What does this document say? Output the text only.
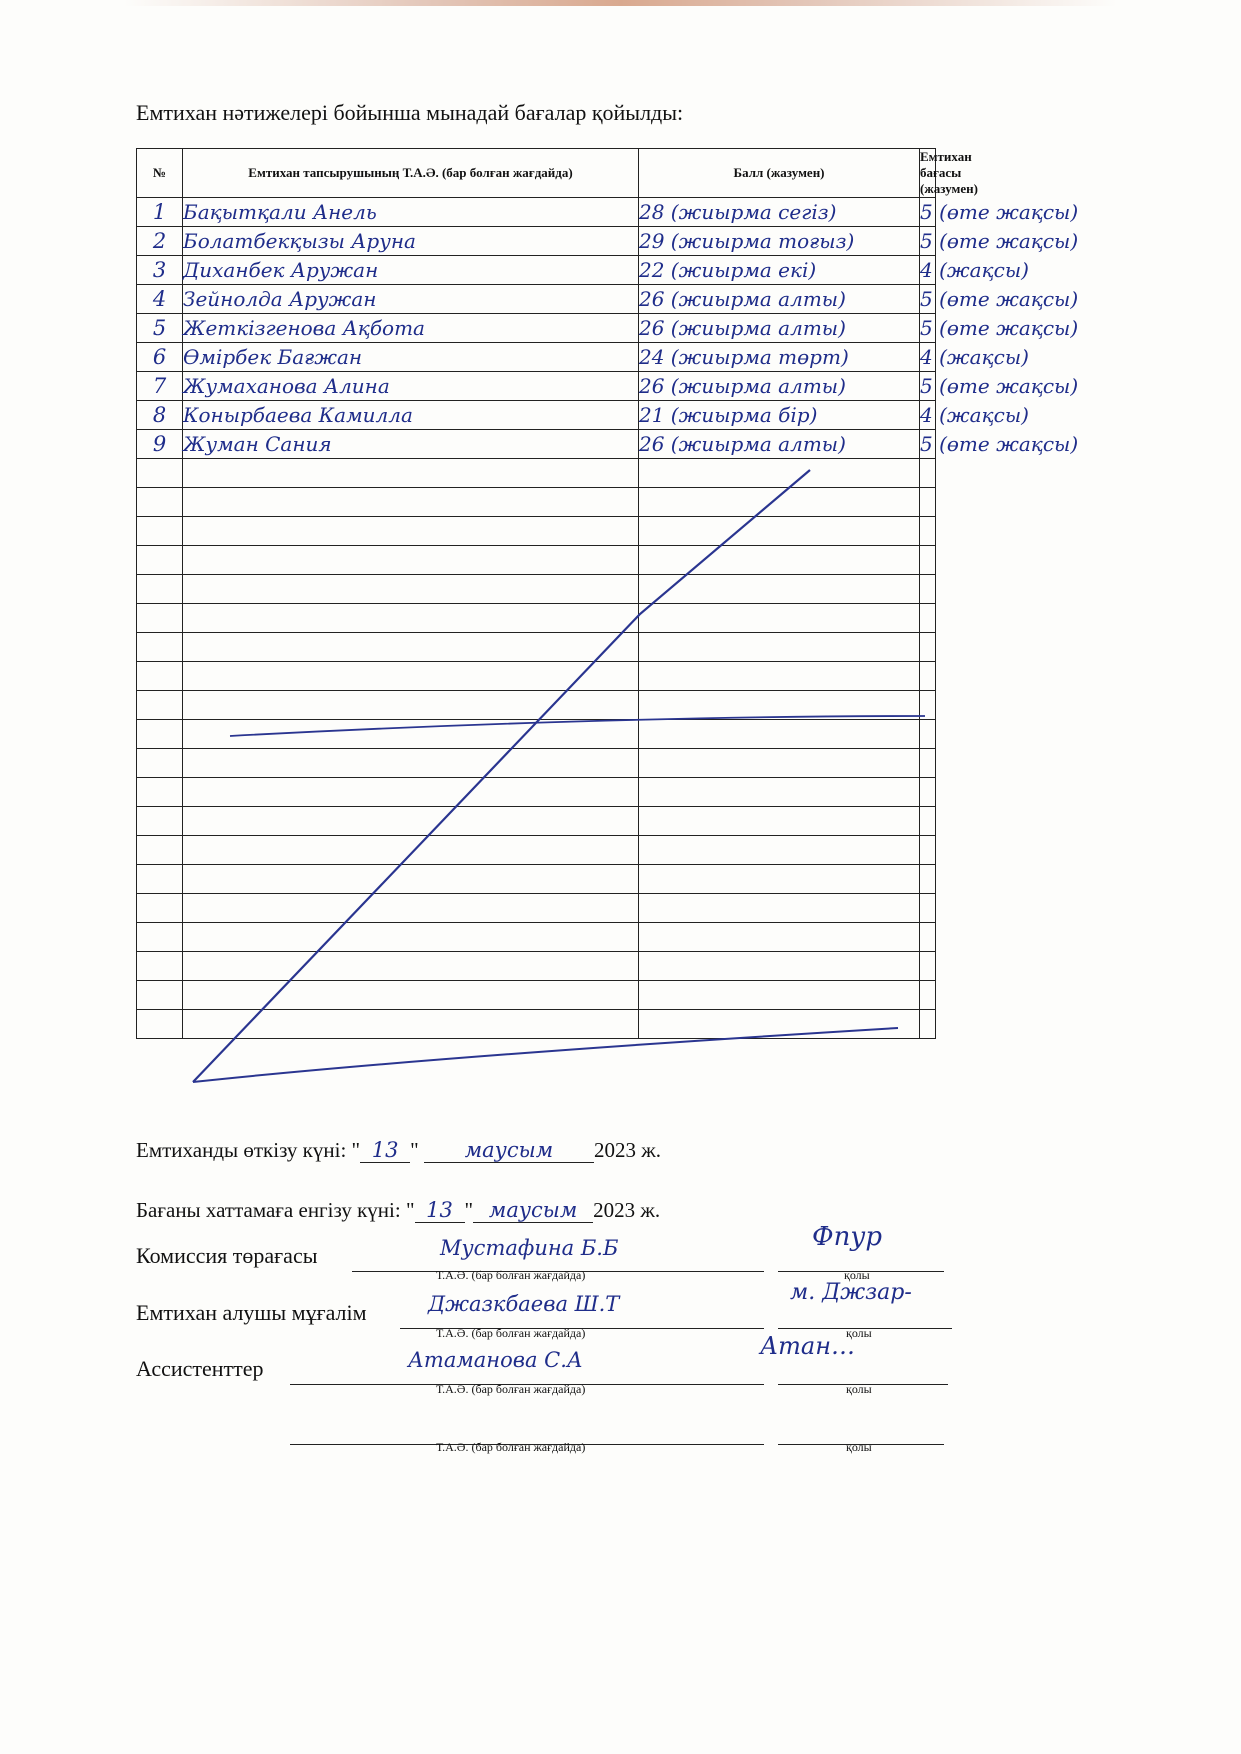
Емтихан нәтижелері бойынша мынадай бағалар қойылды:
№	Емтихан тапсырушының Т.А.Ә. (бар болған жағдайда)	Балл (жазумен)	Емтихан бағасы (жазумен)
1	Бақытқали Анель	28 (жиырма сегіз)	5 (өте жақсы)
2	Болатбекқызы Аруна	29 (жиырма тоғыз)	5 (өте жақсы)
3	Диханбек Аружан	22 (жиырма екі)	4 (жақсы)
4	Зейнолда Аружан	26 (жиырма алты)	5 (өте жақсы)
5	Жеткізгенова Ақбота	26 (жиырма алты)	5 (өте жақсы)
6	Өмірбек Бағжан	24 (жиырма төрт)	4 (жақсы)
7	Жумаханова Алина	26 (жиырма алты)	5 (өте жақсы)
8	Конырбаева Камилла	21 (жиырма бір)	4 (жақсы)
9	Жуман Сания	26 (жиырма алты)	5 (өте жақсы)

Емтиханды өткізу күні: " 13 " маусым 2023 ж.
Бағаны хаттамаға енгізу күні: " 13 " маусым 2023 ж.
Комиссия төрағасы	Мустафина Б.Б
Т.А.Ә. (бар болған жағдайда)
Фпур
қолы
Емтихан алушы мұғалім	Джазкбаева Ш.Т
Т.А.Ә. (бар болған жағдайда)
м. Джзар-
қолы
Ассистенттер	Атаманова С.А
Т.А.Ә. (бар болған жағдайда)
Атан…
қолы
Т.А.Ә. (бар болған жағдайда)	қолы
